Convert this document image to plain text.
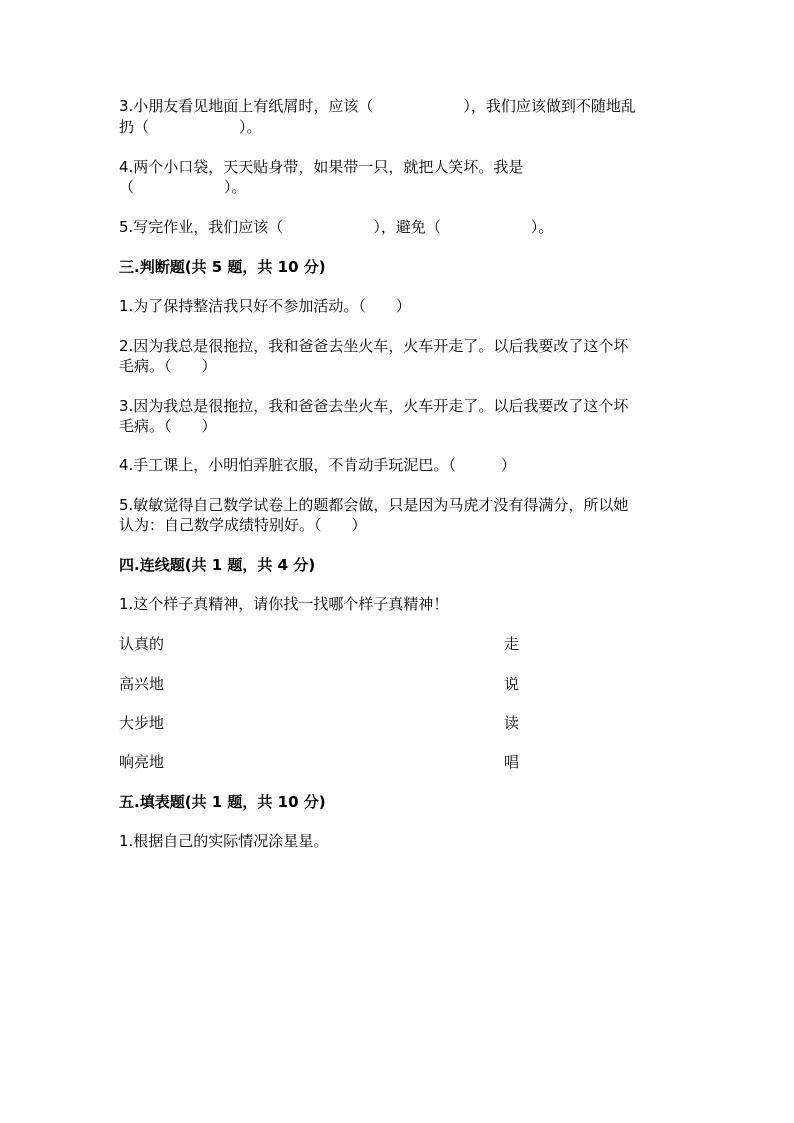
3.小朋友看见地面上有纸屑时，应该（　　　　　　），我们应该做到不随地乱

扔（　　　　　　）。

4.两个小口袋，天天贴身带，如果带一只，就把人笑坏。我是

（　　　　　　）。

5.写完作业，我们应该（　　　　　　），避免（　　　　　　）。

三.判断题(共 5 题，共 10 分)

1.为了保持整洁我只好不参加活动。（　　）

2.因为我总是很拖拉，我和爸爸去坐火车，火车开走了。以后我要改了这个坏

毛病。（　　）

3.因为我总是很拖拉，我和爸爸去坐火车，火车开走了。以后我要改了这个坏

毛病。（　　）

4.手工课上，小明怕弄脏衣服，不肯动手玩泥巴。（　　　）

5.敏敏觉得自己数学试卷上的题都会做，只是因为马虎才没有得满分，所以她

认为：自己数学成绩特别好。（　　）

四.连线题(共 1 题，共 4 分)

1.这个样子真精神，请你找一找哪个样子真精神！

认真的	走
高兴地	说
大步地	读
响亮地	唱

五.填表题(共 1 题，共 10 分)

1.根据自己的实际情况涂星星。
